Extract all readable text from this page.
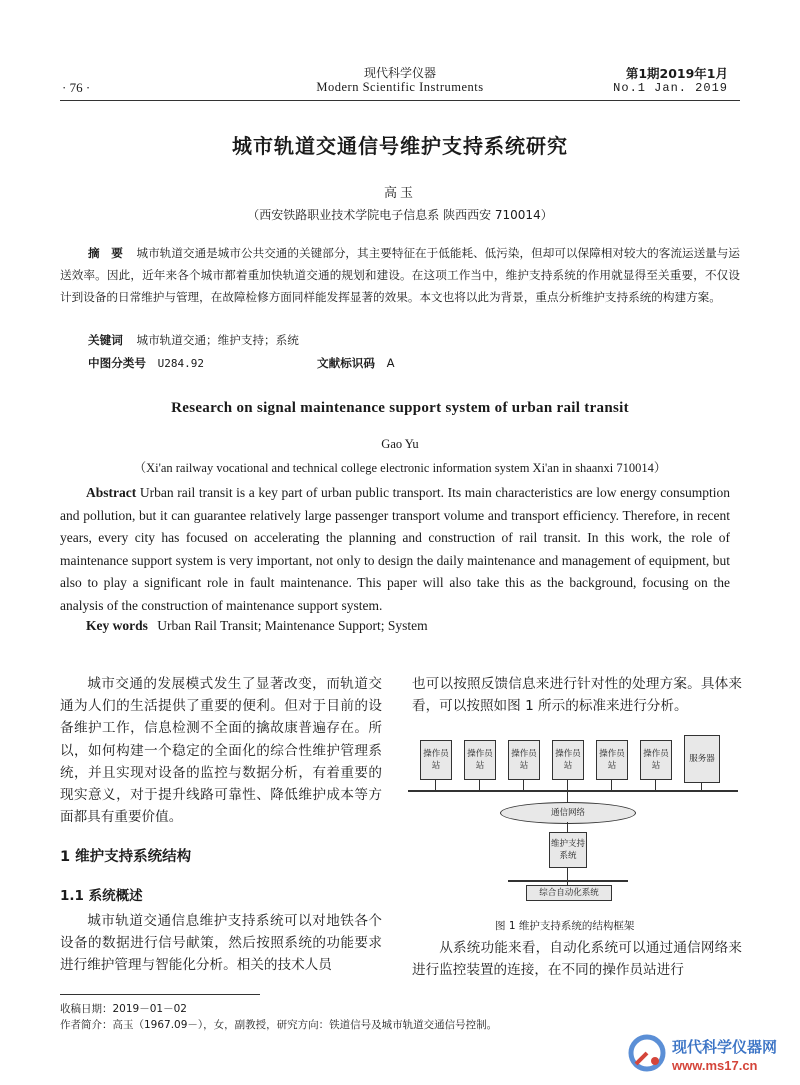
现代科学仪器
Modern Scientific Instruments
· 76 ·
第1期2019年1月
No.1 Jan. 2019
城市轨道交通信号维护支持系统研究
高玉
（西安铁路职业技术学院电子信息系 陕西西安 710014）
摘　要 城市轨道交通是城市公共交通的关键部分，其主要特征在于低能耗、低污染，但却可以保障相对较大的客流运送量与运送效率。因此，近年来各个城市都着重加快轨道交通的规划和建设。在这项工作当中，维护支持系统的作用就显得至关重要，不仅设计到设备的日常维护与管理，在故障检修方面同样能发挥显著的效果。本文也将以此为背景，重点分析维护支持系统的构建方案。
关键词 城市轨道交通；维护支持；系统
中图分类号 U284.92	文献标识码 A
Research on signal maintenance support system of urban rail transit
Gao Yu
（Xi'an railway vocational and technical college electronic information system Xi'an in shaanxi 710014）
Abstract Urban rail transit is a key part of urban public transport. Its main characteristics are low energy consumption and pollution, but it can guarantee relatively large passenger transport volume and transport efficiency. Therefore, in recent years, every city has focused on accelerating the planning and construction of rail transit. In this work, the role of maintenance support system is very important, not only to design the daily maintenance and management of equipment, but also to play a significant role in fault maintenance. This paper will also take this as the background, focusing on the analysis of the construction of maintenance support system.
Key words Urban Rail Transit; Maintenance Support; System
城市交通的发展模式发生了显著改变，而轨道交通为人们的生活提供了重要的便利。但对于目前的设备维护工作，信息检测不全面的擒故康普遍存在。所以，如何构建一个稳定的全面化的综合性维护管理系统，并且实现对设备的监控与数据分析，有着重要的现实意义，对于提升线路可靠性、降低维护成本等方面都具有重要价值。
1 维护支持系统结构
1.1 系统概述
城市轨道交通信息维护支持系统可以对地铁各个设备的数据进行信号献策，然后按照系统的功能要求进行维护管理与智能化分析。相关的技术人员
也可以按照反馈信息来进行针对性的处理方案。具体来看，可以按照如图 1 所示的标准来进行分析。
操作员站
操作员站
操作员站
操作员站
操作员站
操作员站
服务器
通信网络
维护支持系统
综合自动化系统
图 1 维护支持系统的结构框架
从系统功能来看，自动化系统可以通过通信网络来进行监控装置的连接，在不同的操作员站进行
收稿日期：2019－01－02
作者简介：高玉（1967.09－），女，副教授，研究方向：铁道信号及城市轨道交通信号控制。
现代科学仪器网
www.ms17.cn
